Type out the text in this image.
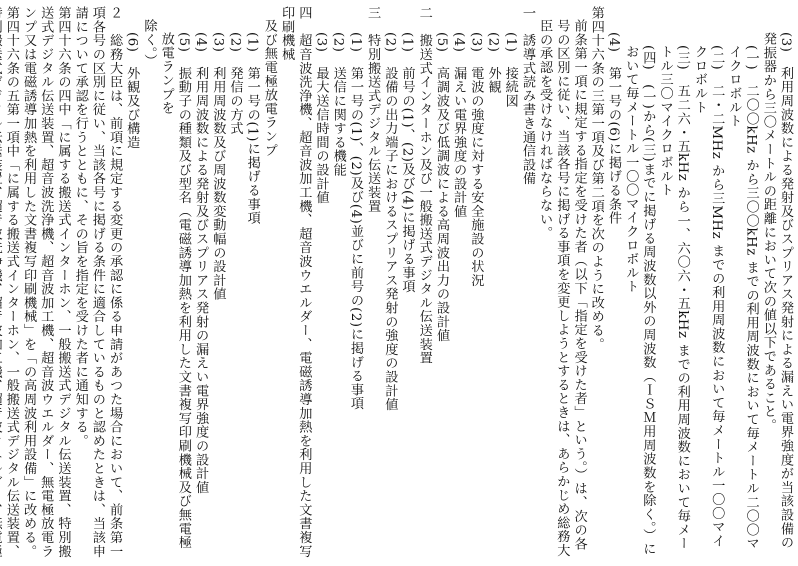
(3)　利用周波数による発射及びスプリアス発射による漏えい電界強度が当該設備の発振器から三〇メートルの距離において次の値以下であること。
(一)　二〇〇kHz から三〇〇kHz までの利用周波数において毎メートル二〇〇マイクロボルト
(二)　二・二MHz から三MHz までの利用周波数において毎メートル一〇〇マイクロボルト
(三)　五二六・五kHz から一、六〇六・五kHz までの利用周波数において毎メートル三〇マイクロボルト
(四)　(一)から(三)までに掲げる周波数以外の周波数（ＩＳＭ用周波数を除く。）において毎メートル一〇〇マイクロボルト
(4)　第一号の(6)に掲げる条件
第四十六条の三第一項及び第二項を次のように改める。
前条第一項に規定する指定を受けた者（以下「指定を受けた者」という。）は、次の各号の区別に従い、当該各号に掲げる事項を変更しようとするときは、あらかじめ総務大臣の承認を受けなければならない。
一　誘導式読み書き通信設備
(1)　接続図
(2)　外観
(3)　電波の強度に対する安全施設の状況
(4)　漏えい電界強度の設計値
(5)　高調波及び低調波による高周波出力の設計値
二　搬送式インターホン及び一般搬送式デジタル伝送装置
(1)　前号の(1)、(2)及び(4)に掲げる事項
(2)　設備の出力端子におけるスプリアス発射の強度の設計値
三　特別搬送式デジタル伝送装置
(1)　第一号の(1)、(2)及び(4)並びに前号の(2)に掲げる事項
(2)　送信に関する機能
(3)　最大送信時間の設計値
四　超音波洗浄機、超音波加工機、超音波ウエルダー、電磁誘導加熱を利用した文書複写印刷機械
及び無電極放電ランプ
(1)　第一号の(1)に掲げる事項
(2)　発信の方式
(3)　利用周波数及び周波数変動幅の設計値
(4)　利用周波数による発射及びスプリアス発射の漏えい電界強度の設計値
(5)　振動子の種類及び型名（電磁誘導加熱を利用した文書複写印刷機械及び無電極放電ランプを
除く。）
(6)　外観及び構造
２　総務大臣は、前項に規定する変更の承認に係る申請があつた場合において、前条第一項各号の区別に従い、当該各号に掲げる条件に適合しているものと認めたときは、当該申請について承認を行うとともに、その旨を指定を受けた者に通知する。
第四十六条の四中「に属する搬送式インターホン、一般搬送式デジタル伝送装置、特別搬送式デジタル伝送装置、超音波洗浄機、超音波加工機、超音波ウエルダー、無電極放電ランプ又は電磁誘導加熱を利用した文書複写印刷機械」を「の高周波利用設備」に改める。
第四十六条の五第一項中「に属する搬送式インターホン、一般搬送式デジタル伝送装置、
